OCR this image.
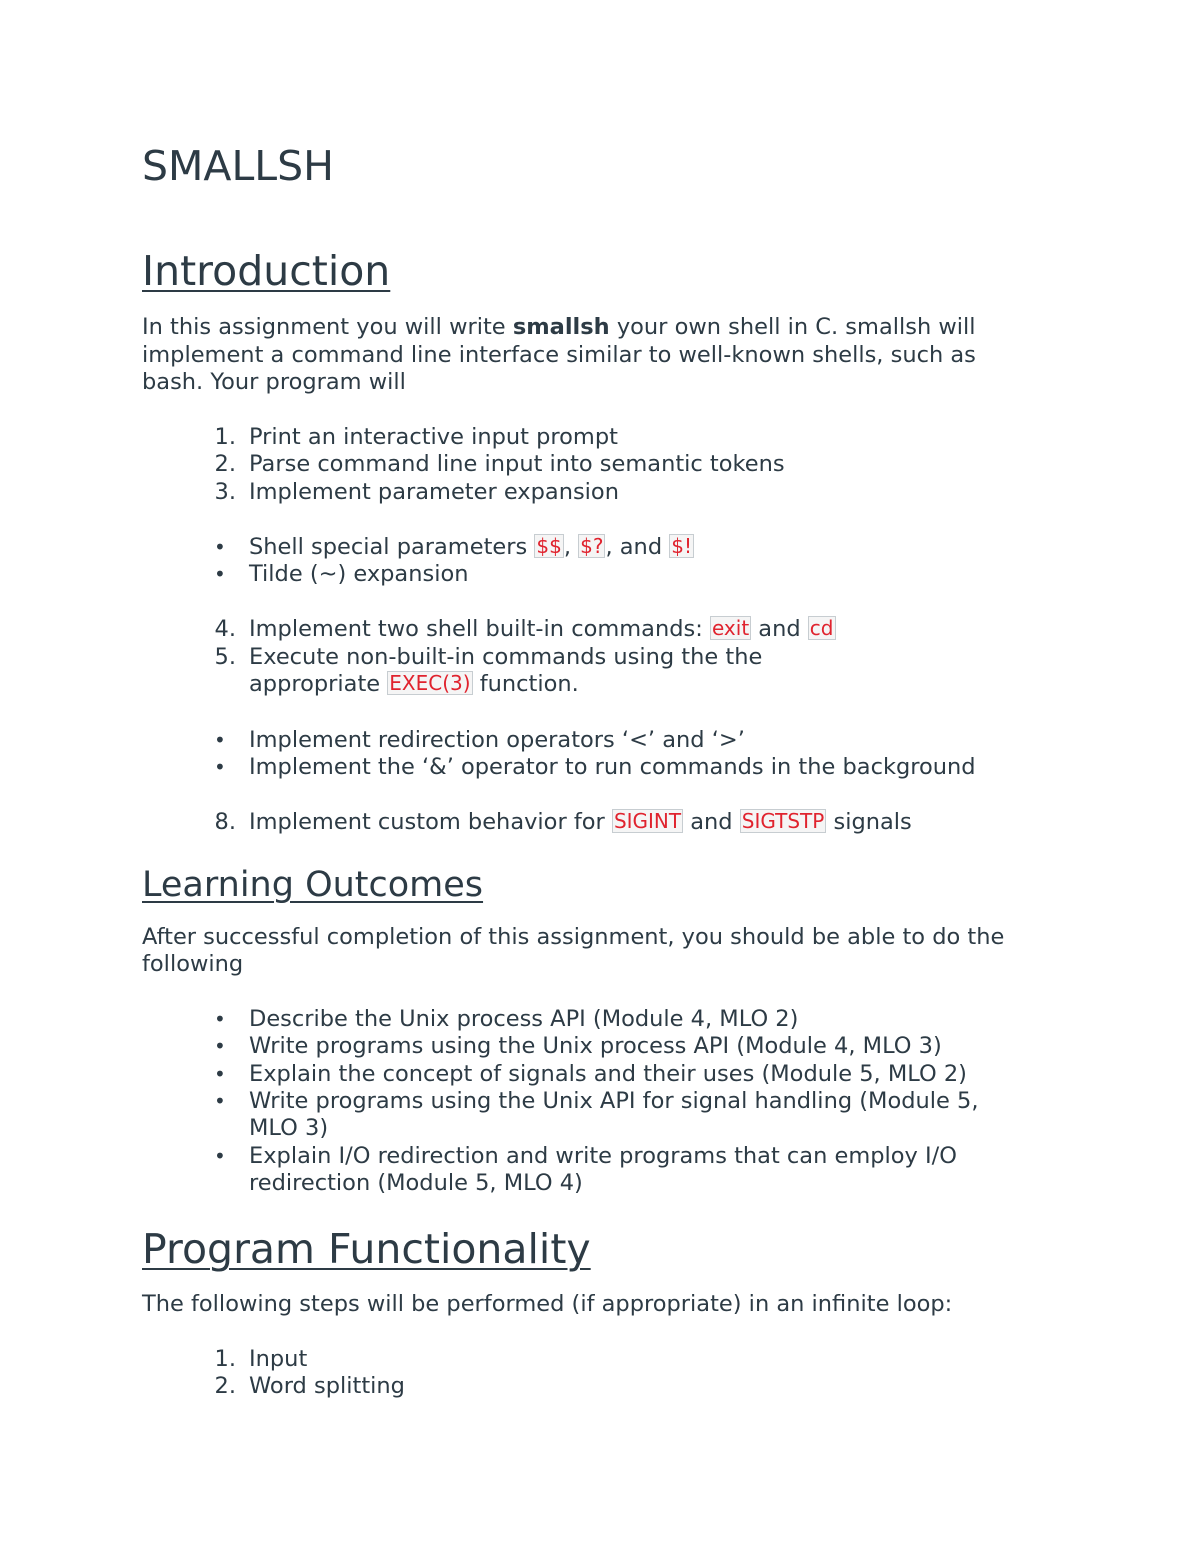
SMALLSH
Introduction
In this assignment you will write smallsh your own shell in C. smallsh will
implement a command line interface similar to well-known shells, such as
bash. Your program will
1. Print an interactive input prompt
2. Parse command line input into semantic tokens
3. Implement parameter expansion
• Shell special parameters $$, $?, and $!
• Tilde (~) expansion
4. Implement two shell built-in commands: exit and cd
5. Execute non-built-in commands using the the
appropriate EXEC(3) function.
• Implement redirection operators ‘<’ and ‘>’
• Implement the ‘&’ operator to run commands in the background
8. Implement custom behavior for SIGINT and SIGTSTP signals
Learning Outcomes
After successful completion of this assignment, you should be able to do the
following
• Describe the Unix process API (Module 4, MLO 2)
• Write programs using the Unix process API (Module 4, MLO 3)
• Explain the concept of signals and their uses (Module 5, MLO 2)
• Write programs using the Unix API for signal handling (Module 5,
MLO 3)
• Explain I/O redirection and write programs that can employ I/O
redirection (Module 5, MLO 4)
Program Functionality
The following steps will be performed (if appropriate) in an infinite loop:
1. Input
2. Word splitting
